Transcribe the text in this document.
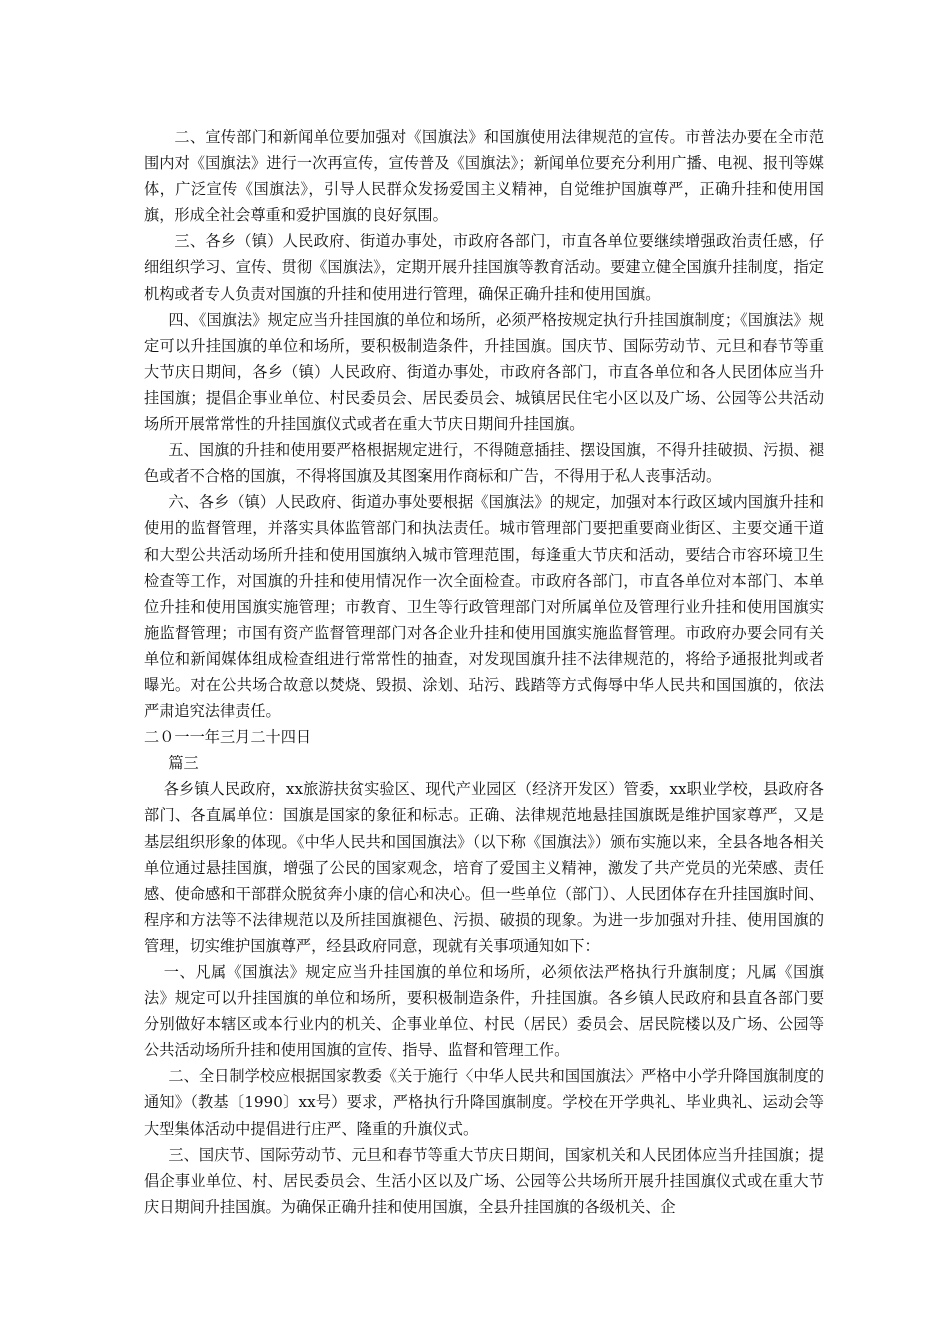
二、宣传部门和新闻单位要加强对《国旗法》和国旗使用法律规范的宣传。市普法办要在全市范围内对《国旗法》进行一次再宣传，宣传普及《国旗法》；新闻单位要充分利用广播、电视、报刊等媒体，广泛宣传《国旗法》，引导人民群众发扬爱国主义精神，自觉维护国旗尊严，正确升挂和使用国旗，形成全社会尊重和爱护国旗的良好氛围。

三、各乡（镇）人民政府、街道办事处，市政府各部门，市直各单位要继续增强政治责任感，仔细组织学习、宣传、贯彻《国旗法》，定期开展升挂国旗等教育活动。要建立健全国旗升挂制度，指定机构或者专人负责对国旗的升挂和使用进行管理，确保正确升挂和使用国旗。

四、《国旗法》规定应当升挂国旗的单位和场所，必须严格按规定执行升挂国旗制度；《国旗法》规定可以升挂国旗的单位和场所，要积极制造条件，升挂国旗。国庆节、国际劳动节、元旦和春节等重大节庆日期间，各乡（镇）人民政府、街道办事处，市政府各部门，市直各单位和各人民团体应当升挂国旗；提倡企事业单位、村民委员会、居民委员会、城镇居民住宅小区以及广场、公园等公共活动场所开展常常性的升挂国旗仪式或者在重大节庆日期间升挂国旗。

五、国旗的升挂和使用要严格根据规定进行，不得随意插挂、摆设国旗，不得升挂破损、污损、褪色或者不合格的国旗，不得将国旗及其图案用作商标和广告，不得用于私人丧事活动。

六、各乡（镇）人民政府、街道办事处要根据《国旗法》的规定，加强对本行政区域内国旗升挂和使用的监督管理，并落实具体监管部门和执法责任。城市管理部门要把重要商业街区、主要交通干道和大型公共活动场所升挂和使用国旗纳入城市管理范围，每逢重大节庆和活动，要结合市容环境卫生检查等工作，对国旗的升挂和使用情况作一次全面检查。市政府各部门，市直各单位对本部门、本单位升挂和使用国旗实施管理；市教育、卫生等行政管理部门对所属单位及管理行业升挂和使用国旗实施监督管理；市国有资产监督管理部门对各企业升挂和使用国旗实施监督管理。市政府办要会同有关单位和新闻媒体组成检查组进行常常性的抽查，对发现国旗升挂不法律规范的，将给予通报批判或者曝光。对在公共场合故意以焚烧、毁损、涂划、玷污、践踏等方式侮辱中华人民共和国国旗的，依法严肃追究法律责任。

二０一一年三月二十四日

篇三

各乡镇人民政府，xx旅游扶贫实验区、现代产业园区（经济开发区）管委，xx职业学校，县政府各部门、各直属单位：国旗是国家的象征和标志。正确、法律规范地悬挂国旗既是维护国家尊严，又是基层组织形象的体现。《中华人民共和国国旗法》（以下称《国旗法》）颁布实施以来，全县各地各相关单位通过悬挂国旗，增强了公民的国家观念，培育了爱国主义精神，激发了共产党员的光荣感、责任感、使命感和干部群众脱贫奔小康的信心和决心。但一些单位（部门）、人民团体存在升挂国旗时间、程序和方法等不法律规范以及所挂国旗褪色、污损、破损的现象。为进一步加强对升挂、使用国旗的管理，切实维护国旗尊严，经县政府同意，现就有关事项通知如下：

一、凡属《国旗法》规定应当升挂国旗的单位和场所，必须依法严格执行升旗制度；凡属《国旗法》规定可以升挂国旗的单位和场所，要积极制造条件，升挂国旗。各乡镇人民政府和县直各部门要分别做好本辖区或本行业内的机关、企事业单位、村民（居民）委员会、居民院楼以及广场、公园等公共活动场所升挂和使用国旗的宣传、指导、监督和管理工作。

二、全日制学校应根据国家教委《关于施行〈中华人民共和国国旗法〉严格中小学升降国旗制度的通知》（教基〔1990〕xx号）要求，严格执行升降国旗制度。学校在开学典礼、毕业典礼、运动会等大型集体活动中提倡进行庄严、隆重的升旗仪式。

三、国庆节、国际劳动节、元旦和春节等重大节庆日期间，国家机关和人民团体应当升挂国旗；提倡企事业单位、村、居民委员会、生活小区以及广场、公园等公共场所开展升挂国旗仪式或在重大节庆日期间升挂国旗。为确保正确升挂和使用国旗，全县升挂国旗的各级机关、企
